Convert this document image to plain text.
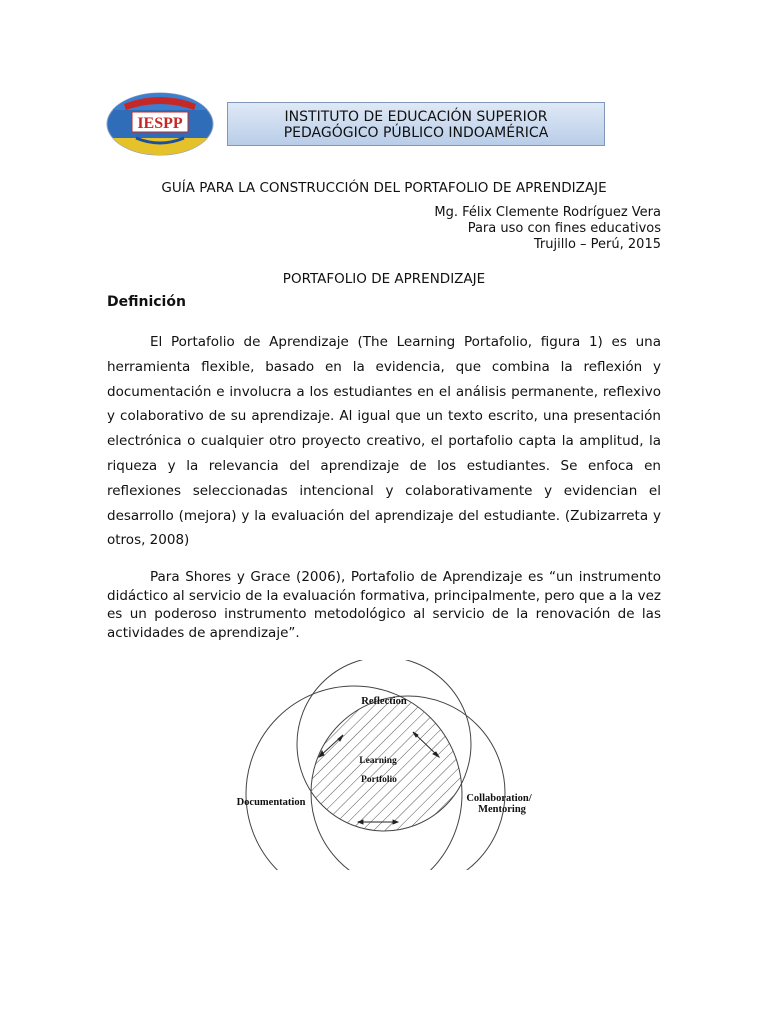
IESPP	INSTITUTO DE EDUCACIÓN SUPERIOR
PEDAGÓGICO PÚBLICO INDOAMÉRICA
GUÍA PARA LA CONSTRUCCIÓN DEL PORTAFOLIO DE APRENDIZAJE
Mg. Félix Clemente Rodríguez Vera
Para uso con fines educativos
Trujillo – Perú, 2015
PORTAFOLIO DE APRENDIZAJE
Definición
El Portafolio de Aprendizaje (The Learning Portafolio, figura 1) es una herramienta flexible, basado en la evidencia, que combina la reflexión y documentación e involucra a los estudiantes en el análisis permanente, reflexivo y colaborativo de su aprendizaje. Al igual que un texto escrito, una presentación electrónica o cualquier otro proyecto creativo, el portafolio capta la amplitud, la riqueza y la relevancia del aprendizaje de los estudiantes. Se enfoca en reflexiones seleccionadas intencional y colaborativamente y evidencian el desarrollo (mejora) y la evaluación del aprendizaje del estudiante. (Zubizarreta y otros, 2008)
Para Shores y Grace (2006), Portafolio de Aprendizaje es “un instrumento didáctico al servicio de la evaluación formativa, principalmente, pero que a la vez es un poderoso instrumento metodológico al servicio de la renovación de las actividades de aprendizaje”.
Reflection
Learning
Portfolio
Documentation	Collaboration/
Mentoring
